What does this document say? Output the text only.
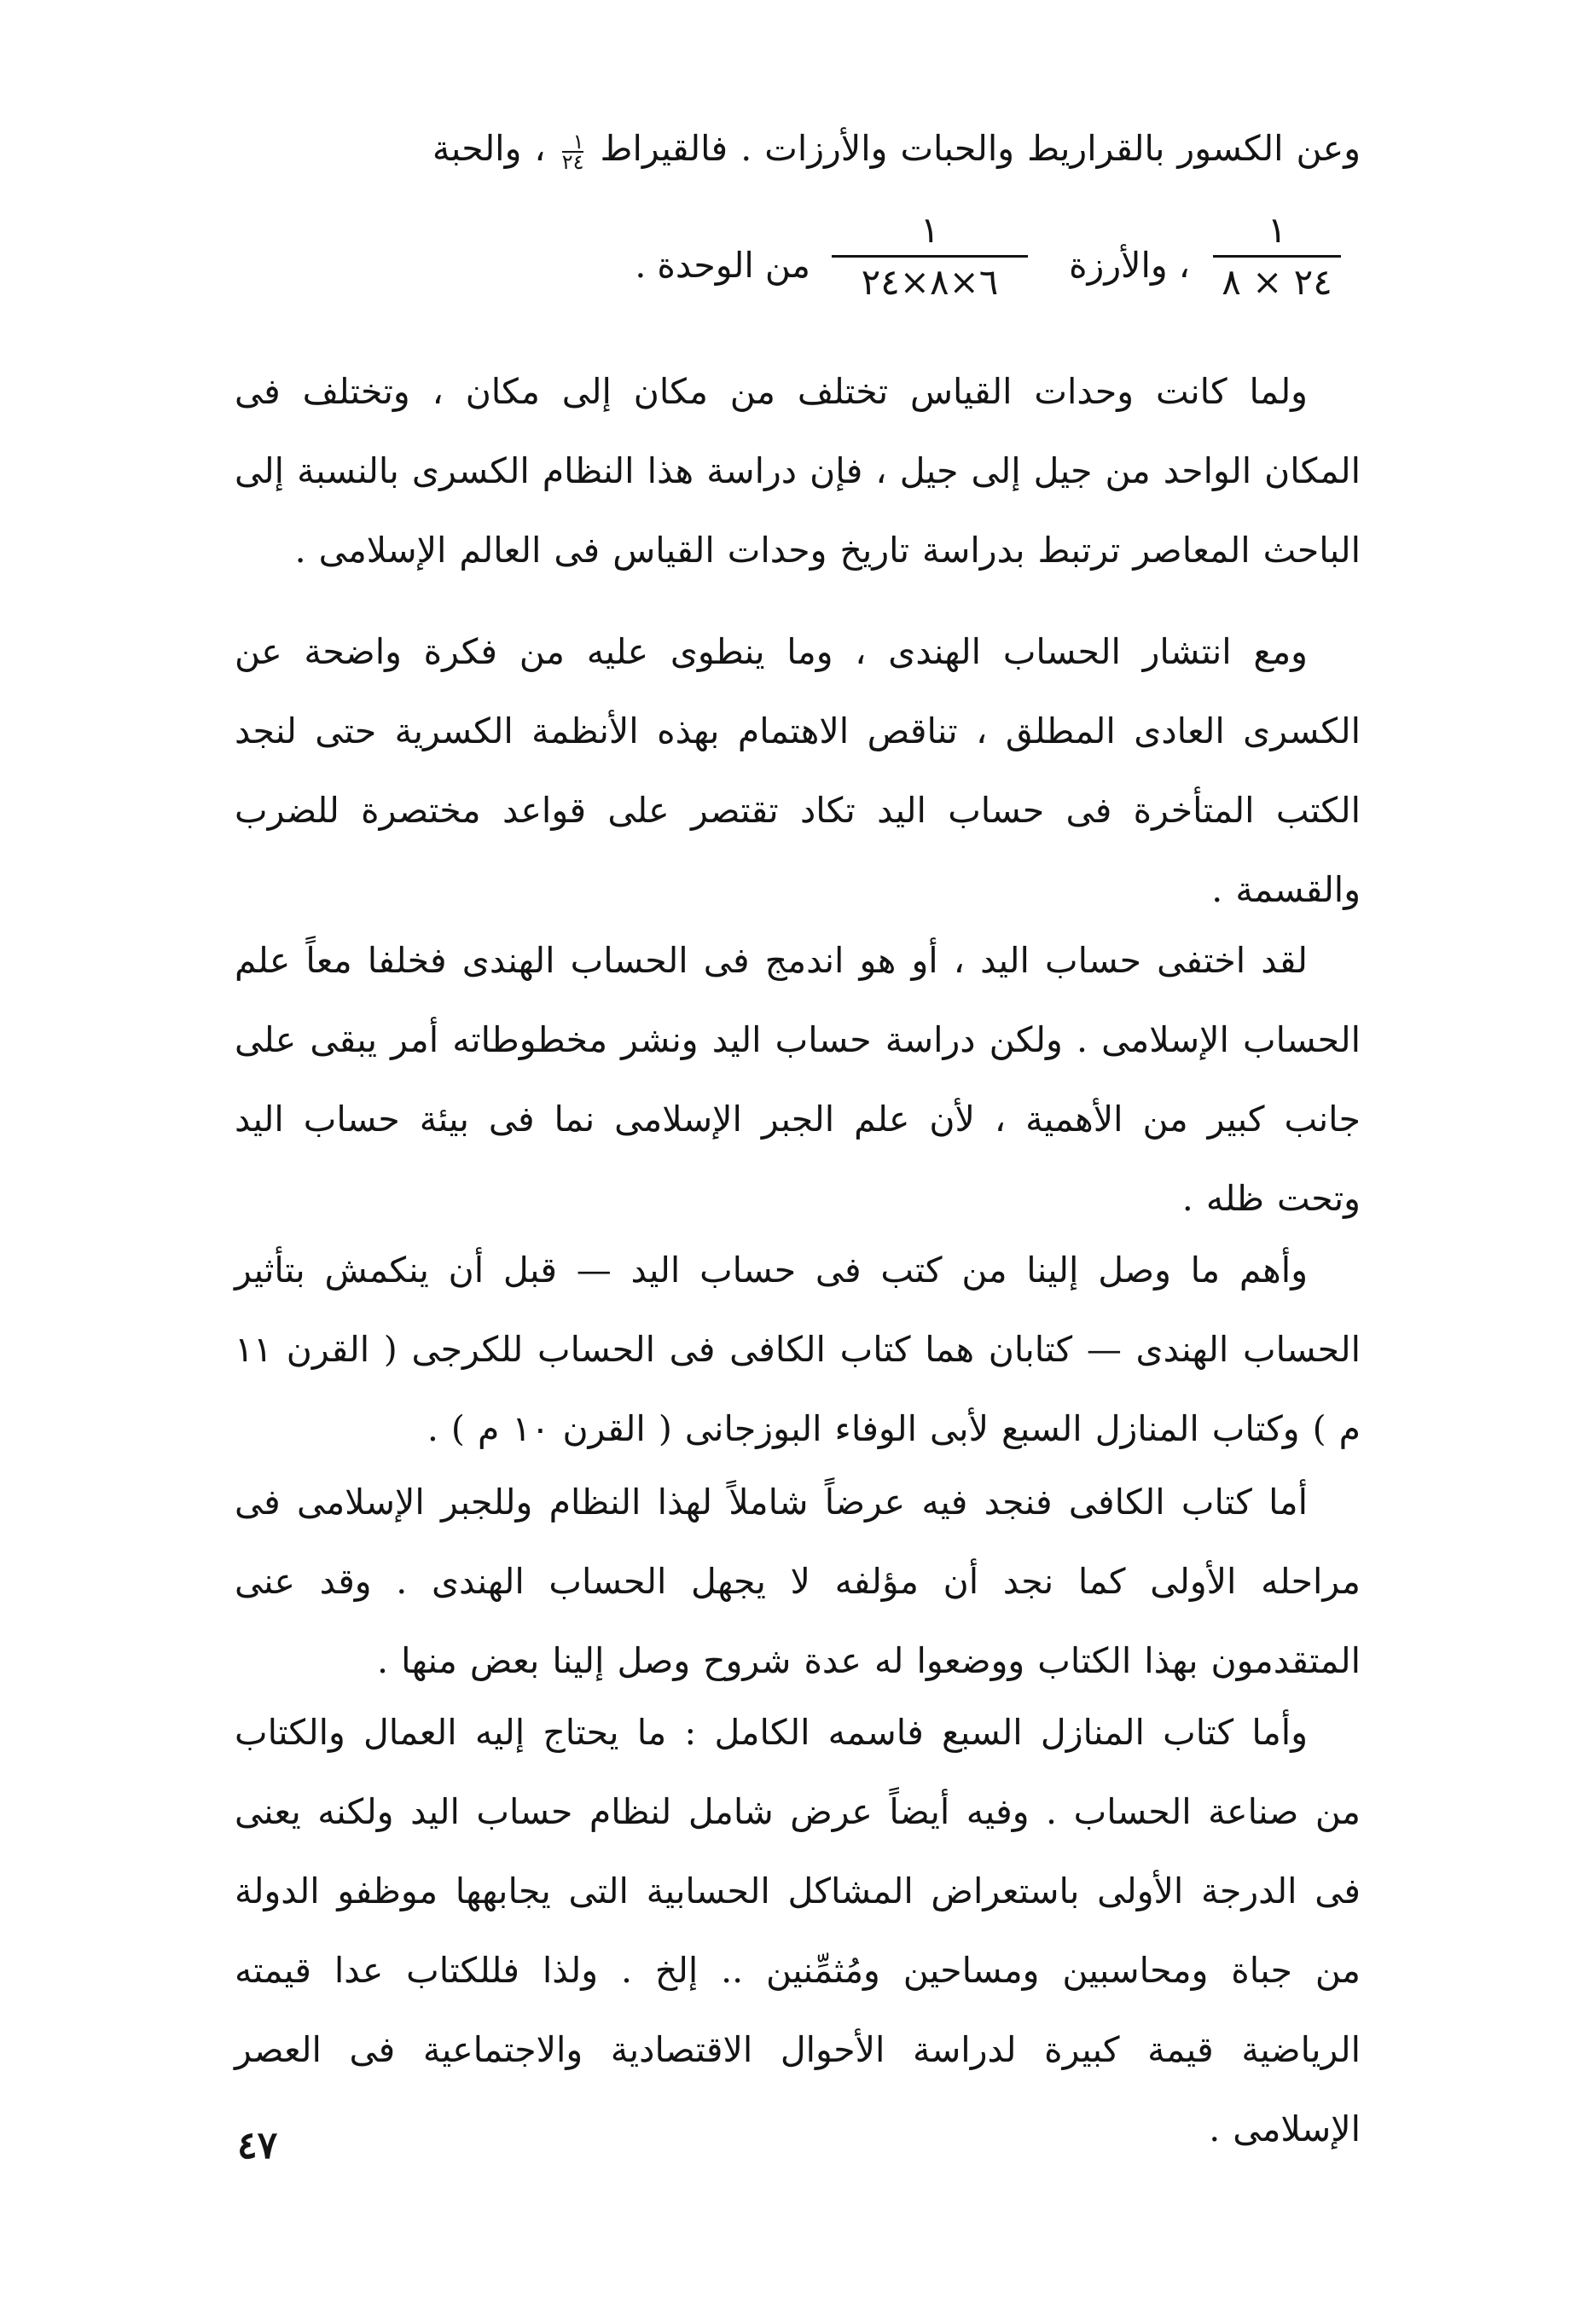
وعن الكسور بالقراريط والحبات والأرزات . فالقيراط
$\frac{١}{٢٤}$
، والحبة

١
٢٤ × ٨
، والأرزة
١
٦×٨×٢٤
من الوحدة .

ولما كانت وحدات القياس تختلف من مكان إلى مكان ، وتختلف فى المكان الواحد من جيل إلى جيل ، فإن دراسة هذا النظام الكسرى بالنسبة إلى الباحث المعاصر ترتبط بدراسة تاريخ وحدات القياس فى العالم الإسلامى .

ومع انتشار الحساب الهندى ، وما ينطوى عليه من فكرة واضحة عن الكسرى العادى المطلق ، تناقص الاهتمام بهذه الأنظمة الكسرية حتى لنجد الكتب المتأخرة فى حساب اليد تكاد تقتصر على قواعد مختصرة للضرب والقسمة .

لقد اختفى حساب اليد ، أو هو اندمج فى الحساب الهندى فخلفا معاً علم الحساب الإسلامى . ولكن دراسة حساب اليد ونشر مخطوطاته أمر يبقى على جانب كبير من الأهمية ، لأن علم الجبر الإسلامى نما فى بيئة حساب اليد وتحت ظله .

وأهم ما وصل إلينا من كتب فى حساب اليد — قبل أن ينكمش بتأثير الحساب الهندى — كتابان هما كتاب الكافى فى الحساب للكرجى ( القرن ١١ م ) وكتاب المنازل السبع لأبى الوفاء البوزجانى ( القرن ١٠ م ) .

أما كتاب الكافى فنجد فيه عرضاً شاملاً لهذا النظام وللجبر الإسلامى فى مراحله الأولى كما نجد أن مؤلفه لا يجهل الحساب الهندى . وقد عنى المتقدمون بهذا الكتاب ووضعوا له عدة شروح وصل إلينا بعض منها .

وأما كتاب المنازل السبع فاسمه الكامل : ما يحتاج إليه العمال والكتاب من صناعة الحساب . وفيه أيضاً عرض شامل لنظام حساب اليد ولكنه يعنى فى الدرجة الأولى باستعراض المشاكل الحسابية التى يجابهها موظفو الدولة من جباة ومحاسبين ومساحين ومُثمِّنين .. إلخ . ولذا فللكتاب عدا قيمته الرياضية قيمة كبيرة لدراسة الأحوال الاقتصادية والاجتماعية فى العصر الإسلامى .

٤٧
